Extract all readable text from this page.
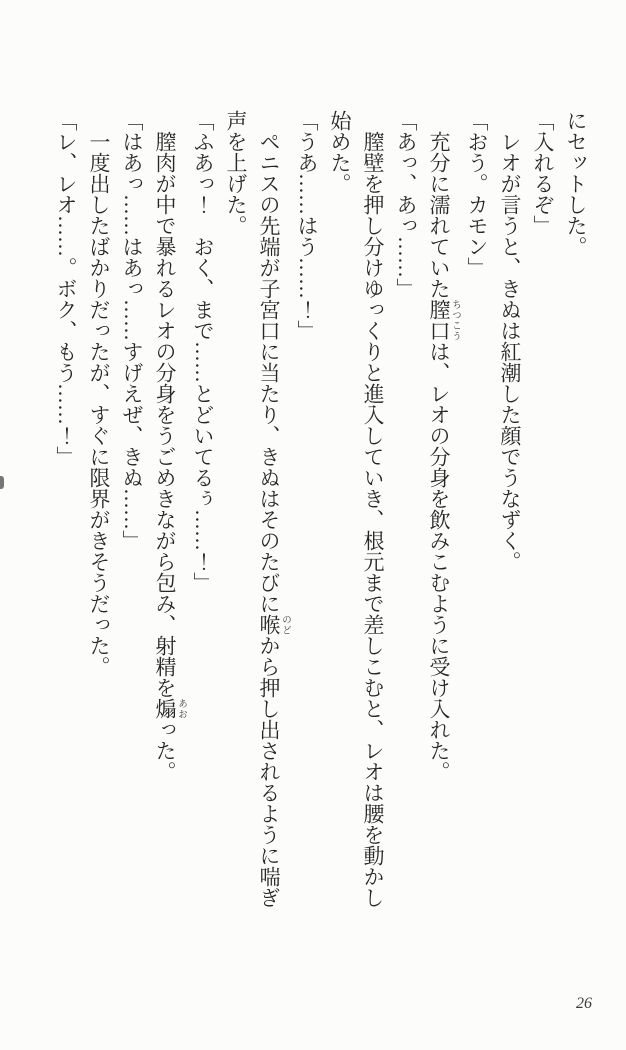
にセットした。

「入れるぞ」

レオが言うと、きぬは紅潮した顔でうなずく。

「おう。カモン」

充分に濡れていた膣口 ちつこうは、レオの分身を飲みこむように受け入れた。

「あっ、あっ……」

膣壁を押し分けゆっくりと進入していき、根元まで差しこむと、レオは腰を動かし始めた。

「うあ……はう……！」

ペニスの先端が子宮口に当たり、きぬはそのたびに喉 のどから押し出されるように喘ぎ声を上げた。

「ふあっ！　おく、まで……とどいてるぅ……！」

膣肉が中で暴れるレオの分身をうごめきながら包み、射精を煽 あおった。

「はあっ……はあっ……すげえぜ、きぬ……」

一度出したばかりだったが、すぐに限界がきそうだった。

「レ、レオ……。ボク、もう……！」

26
